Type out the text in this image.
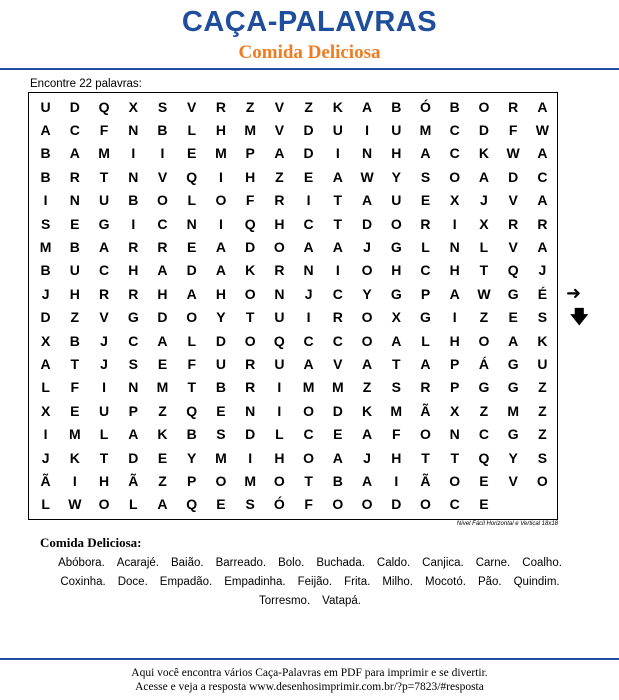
CAÇA-PALAVRAS
Comida Deliciosa
Encontre 22 palavras:
U	D	Q	X	S	V	R	Z	V	Z	K	A	B	Ó	B	O	R	A
A	C	F	N	B	L	H	M	V	D	U	I	U	M	C	D	F	W
B	A	M	I	I	E	M	P	A	D	I	N	H	A	C	K	W	A
B	R	T	N	V	Q	I	H	Z	E	A	W	Y	S	O	A	D	C
I	N	U	B	O	L	O	F	R	I	T	A	U	E	X	J	V	A
S	E	G	I	C	N	I	Q	H	C	T	D	O	R	I	X	R	R
M	B	A	R	R	E	A	D	O	A	A	J	G	L	N	L	V	A
B	U	C	H	A	D	A	K	R	N	I	O	H	C	H	T	Q	J
J	H	R	R	H	A	H	O	N	J	C	Y	G	P	A	W	G	É
D	Z	V	G	D	O	Y	T	U	I	R	O	X	G	I	Z	E	S
X	B	J	C	A	L	D	O	Q	C	C	O	A	L	H	O	A	K
A	T	J	S	E	F	U	R	U	A	V	A	T	A	P	Á	G	U
L	F	I	N	M	T	B	R	I	M	M	Z	S	R	P	G	G	Z
X	E	U	P	Z	Q	E	N	I	O	D	K	M	Ã	X	Z	M	Z
I	M	L	A	K	B	S	D	L	C	E	A	F	O	N	C	G	Z
J	K	T	D	E	Y	M	I	H	O	A	J	H	T	T	Q	Y	S
Ã	I	H	Ã	Z	P	O	M	O	T	B	A	I	Ã	O	E	V	O
L	W	O	L	A	Q	E	S	Ó	F	O	O	D	O	C	E
➜
🡇
Nível Fácil Horizontal e Vertical 18x18
Comida Deliciosa:
Abóbora. Acarajé. Baião. Barreado. Bolo. Buchada. Caldo. Canjica. Carne. Coalho.
Coxinha. Doce. Empadão. Empadinha. Feijão. Frita. Milho. Mocotó. Pão. Quindim.
Torresmo. Vatapá.
Aqui você encontra vários Caça-Palavras em PDF para imprimir e se divertir.
Acesse e veja a resposta www.desenhosimprimir.com.br/?p=7823/#resposta
